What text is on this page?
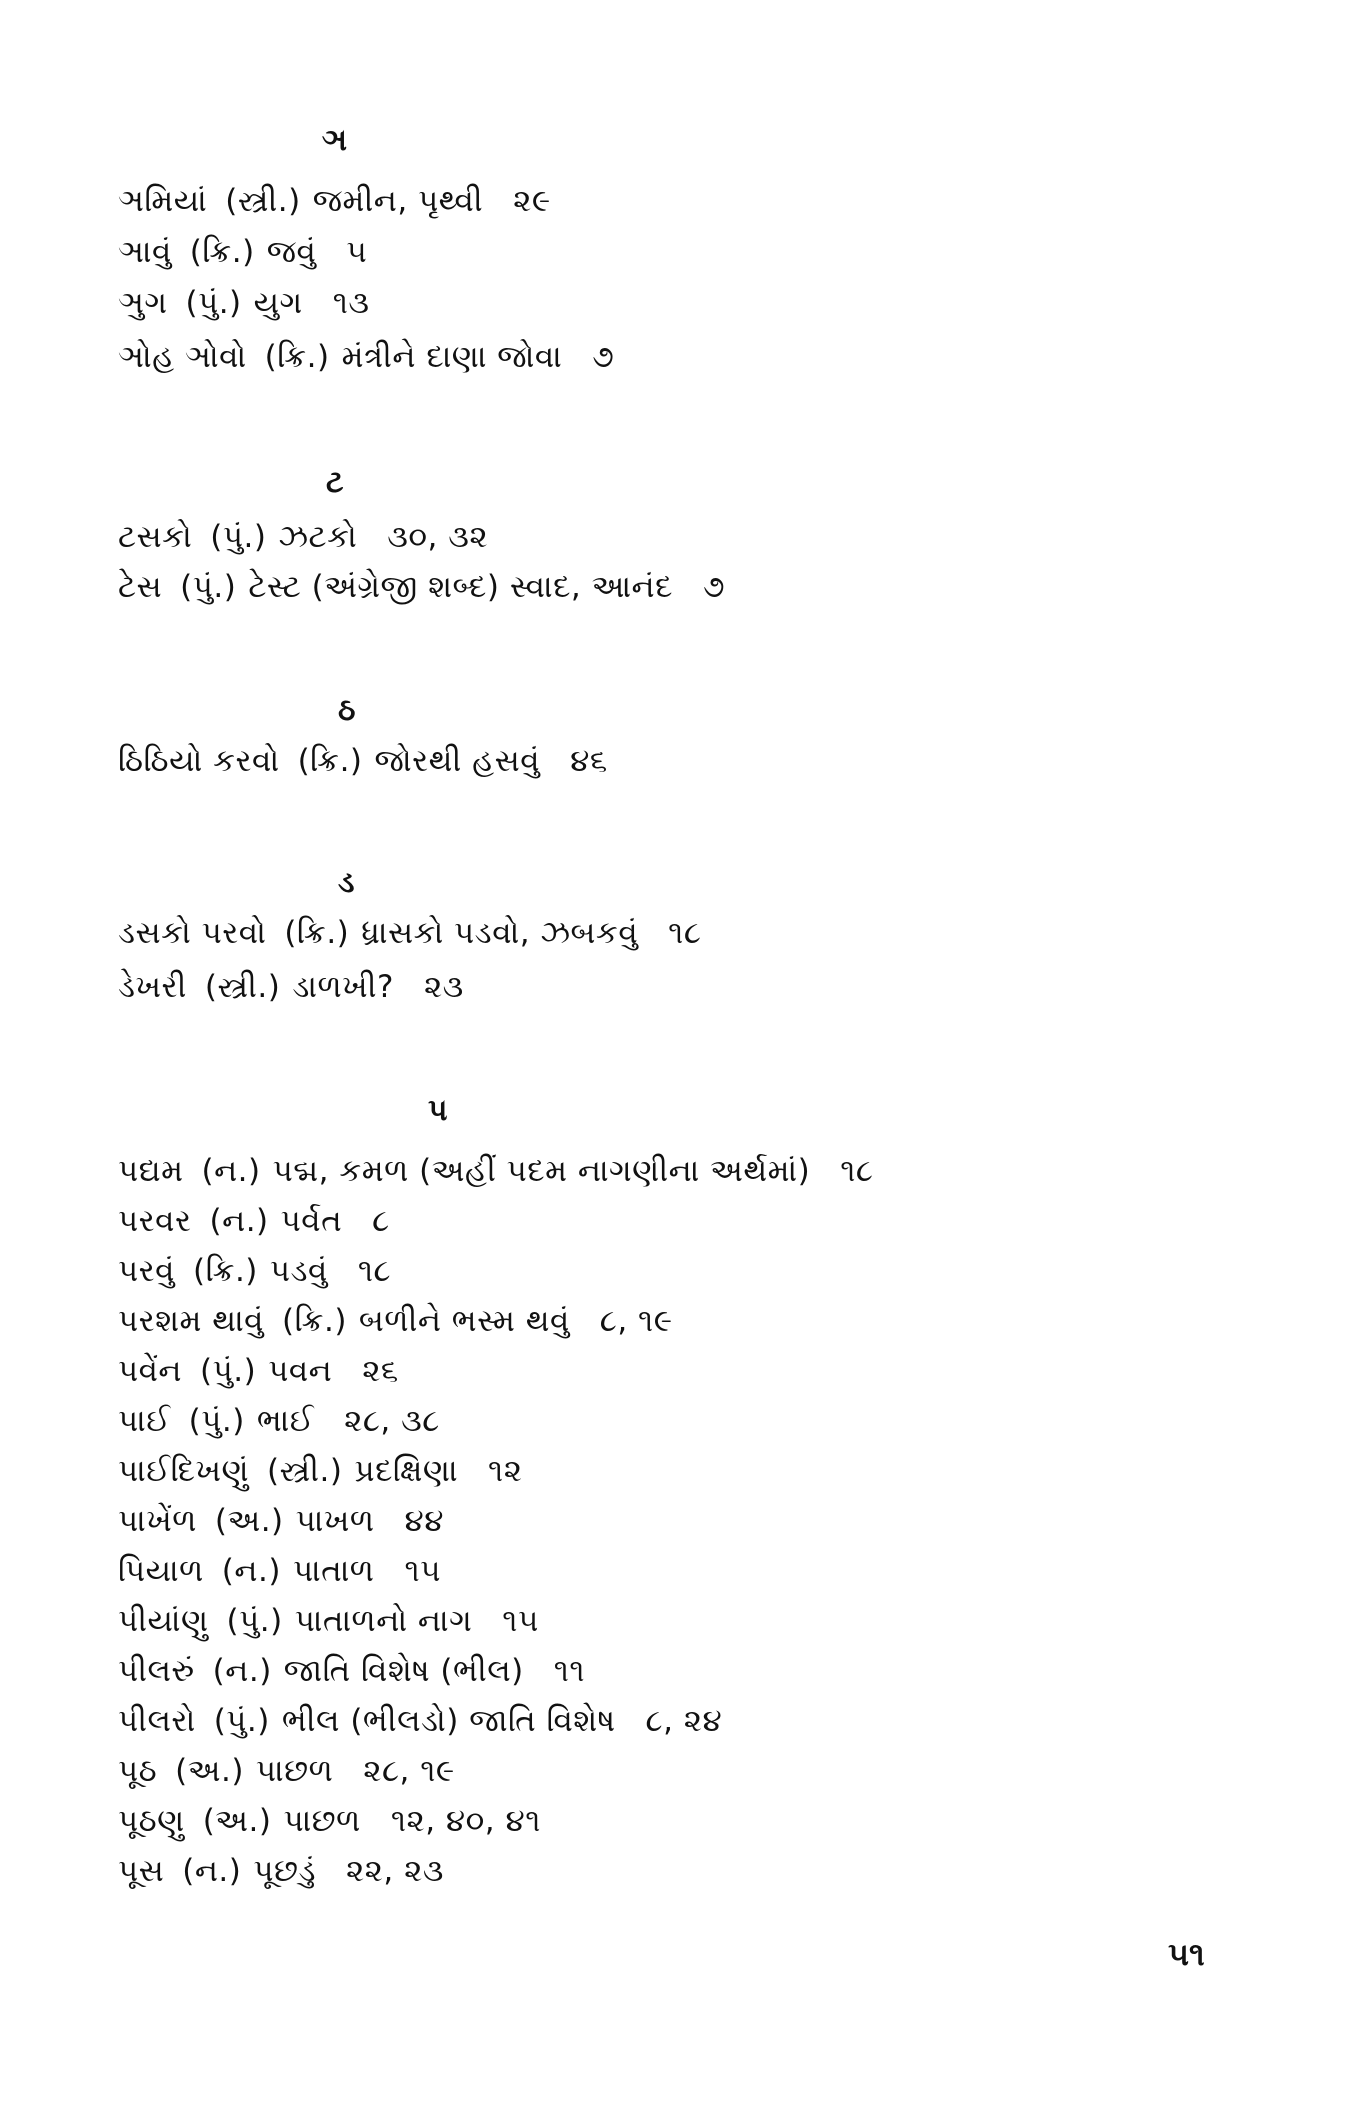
ઞ
ઞમિયાં (સ્ત્રી.) જમીન, પૃથ્વી ૨૯
ઞાવું (ક્રિ.) જવું ૫
ઞુગ (પું.) યુગ ૧૩
ઞોહ ઞોવો (ક્રિ.) મંત્રીને દાણા જોવા ૭
ટ
ટસકો (પું.) ઝટકો ૩૦, ૩૨
ટેસ (પું.) ટેસ્ટ (અંગ્રેજી શબ્દ) સ્વાદ, આનંદ ૭
ઠ
ઠિઠિયો કરવો (ક્રિ.) જોરથી હસવું ૪૬
ડ
ડસકો પરવો (ક્રિ.) ધ્રાસકો પડવો, ઝબકવું ૧૮
ડેખરી (સ્ત્રી.) ડાળખી? ૨૩
પ
પદ્યમ (ન.) પદ્મ, કમળ (અહીં પદમ નાગણીના અર્થમાં) ૧૮
પરવર (ન.) પર્વત ૮
પરવું (ક્રિ.) પડવું ૧૮
પરશમ થાવું (ક્રિ.) બળીને ભસ્મ થવું ૮, ૧૯
પવેંન (પું.) પવન ૨૬
પાઈ (પું.) ભાઈ ૨૮, ૩૮
પાઈદિખણું (સ્ત્રી.) પ્રદક્ષિણા ૧૨
પાખેંળ (અ.) પાખળ ૪૪
પિયાળ (ન.) પાતાળ ૧૫
પીયાંણુ (પું.) પાતાળનો નાગ ૧૫
પીલરું (ન.) જાતિ વિશેષ (ભીલ) ૧૧
પીલરો (પું.) ભીલ (ભીલડો) જાતિ વિશેષ ૮, ૨૪
પૂઠ (અ.) પાછળ ૨૮, ૧૯
પૂઠણુ (અ.) પાછળ ૧૨, ૪૦, ૪૧
પૂસ (ન.) પૂછડું ૨૨, ૨૩
૫૧
